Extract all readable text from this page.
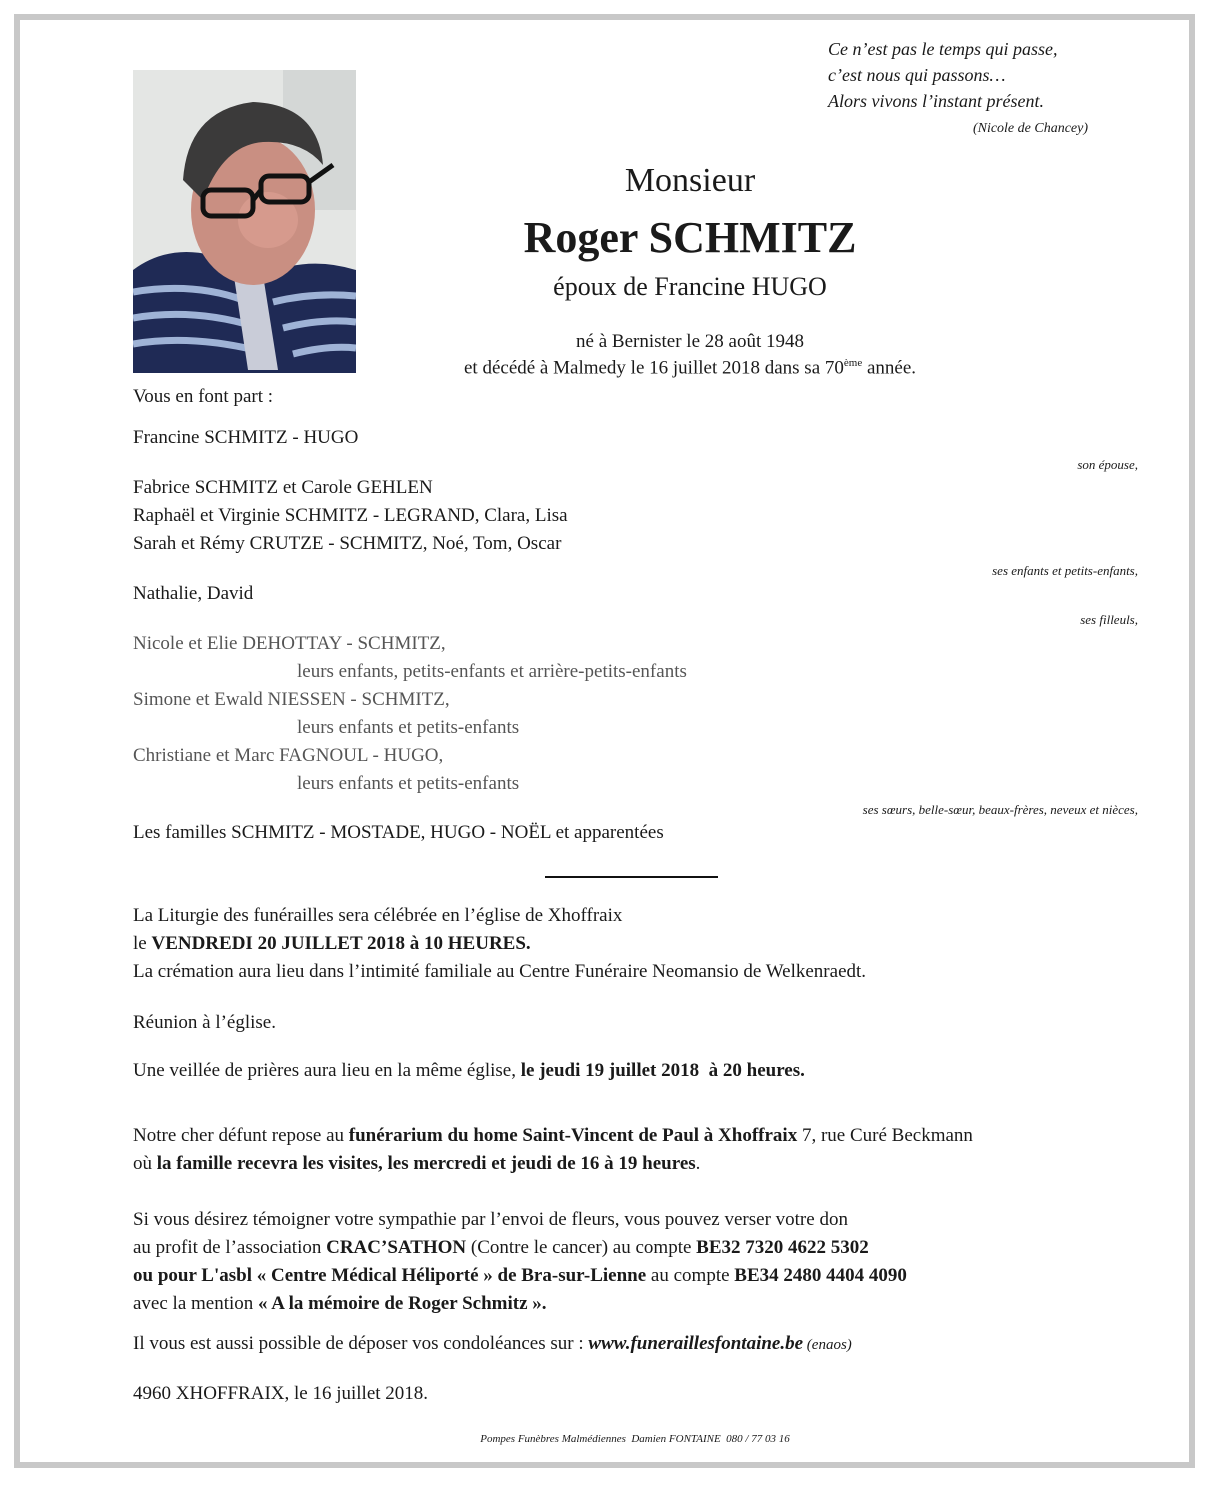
Ce n’est pas le temps qui passe,
c’est nous qui passons…
Alors vivons l’instant présent.
(Nicole de Chancey)
Monsieur
Roger SCHMITZ
époux de Francine HUGO
né à Bernister le 28 août 1948
et décédé à Malmedy le 16 juillet 2018 dans sa 70ème année.
Vous en font part :
Francine SCHMITZ - HUGO
son épouse,
Fabrice SCHMITZ et Carole GEHLEN
Raphaël et Virginie SCHMITZ - LEGRAND, Clara, Lisa
Sarah et Rémy CRUTZE - SCHMITZ, Noé, Tom, Oscar
ses enfants et petits-enfants,
Nathalie, David
ses filleuls,
Nicole et Elie DEHOTTAY - SCHMITZ,
leurs enfants, petits-enfants et arrière-petits-enfants
Simone et Ewald NIESSEN - SCHMITZ,
leurs enfants et petits-enfants
Christiane et Marc FAGNOUL - HUGO,
leurs enfants et petits-enfants
ses sœurs, belle-sœur, beaux-frères, neveux et nièces,
Les familles SCHMITZ - MOSTADE, HUGO - NOËL et apparentées
La Liturgie des funérailles sera célébrée en l’église de Xhoffraix
le VENDREDI 20 JUILLET 2018 à 10 HEURES.
La crémation aura lieu dans l’intimité familiale au Centre Funéraire Neomansio de Welkenraedt.
Réunion à l’église.
Une veillée de prières aura lieu en la même église, le jeudi 19 juillet 2018  à 20 heures.
Notre cher défunt repose au funérarium du home Saint-Vincent de Paul à Xhoffraix 7, rue Curé Beckmann
où la famille recevra les visites, les mercredi et jeudi de 16 à 19 heures.
Si vous désirez témoigner votre sympathie par l’envoi de fleurs, vous pouvez verser votre don
au profit de l’association CRAC’SATHON (Contre le cancer) au compte BE32 7320 4622 5302
ou pour L'asbl « Centre Médical Héliporté » de Bra-sur-Lienne au compte BE34 2480 4404 4090
avec la mention « A la mémoire de Roger Schmitz ».
Il vous est aussi possible de déposer vos condoléances sur : www.funeraillesfontaine.be (enaos)
4960 XHOFFRAIX, le 16 juillet 2018.
Pompes Funèbres Malmédiennes  Damien FONTAINE  080 / 77 03 16
